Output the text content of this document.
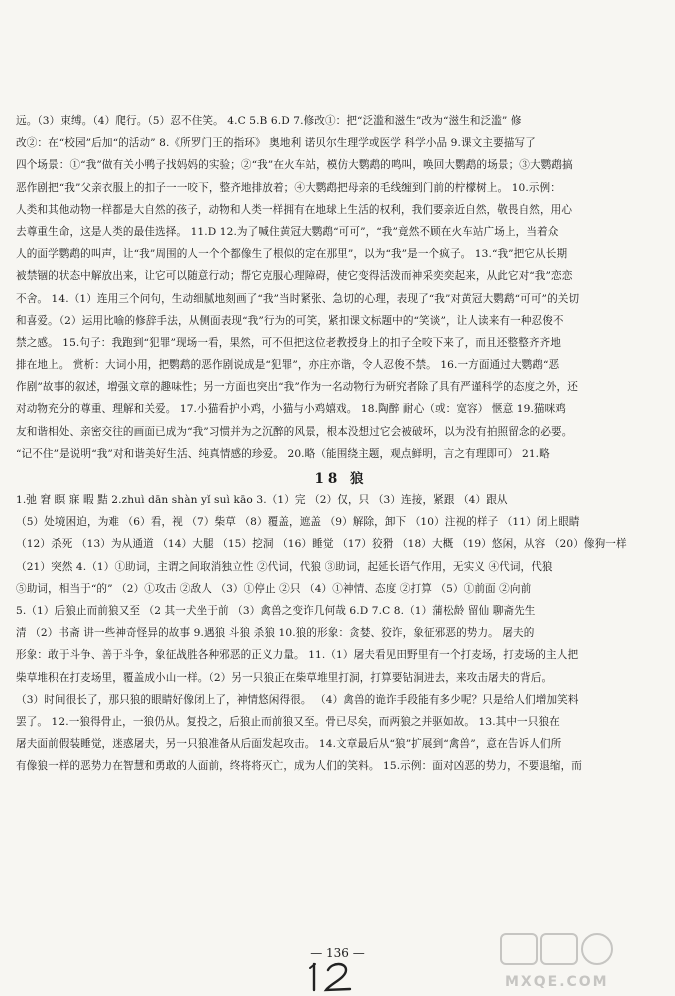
远。（3）束缚。（4）爬行。（5）忍不住笑。 4.C 5.B 6.D 7.修改①：把“泛滥和滋生”改为“滋生和泛滥” 修
改②：在“校园”后加“的活动” 8.《所罗门王的指环》 奥地利 诺贝尔生理学或医学 科学小品 9.课文主要描写了
四个场景：①“我”做有关小鸭子找妈妈的实验；②“我”在火车站，模仿大鹦鹉的鸣叫，唤回大鹦鹉的场景；③大鹦鹉搞
恶作剧把“我”父亲衣服上的扣子一一咬下，整齐地排放着；④大鹦鹉把母亲的毛线缠到门前的柠檬树上。 10.示例：
人类和其他动物一样都是大自然的孩子，动物和人类一样拥有在地球上生活的权利，我们要亲近自然，敬畏自然，用心
去尊重生命，这是人类的最佳选择。 11.D 12.为了喊住黄冠大鹦鹉“可可”，“我”竟然不顾在火车站广场上，当着众
人的面学鹦鹉的叫声，让“我”周围的人一个个都像生了根似的定在那里”，以为“我”是一个疯子。 13.“我”把它从长期
被禁锢的状态中解放出来，让它可以随意行动；帮它克服心理障碍，使它变得活泼而神采奕奕起来，从此它对“我”恋恋
不舍。 14.（1）连用三个问句，生动细腻地刻画了“我”当时紧张、急切的心理，表现了“我”对黄冠大鹦鹉“可可”的关切
和喜爱。（2）运用比喻的修辞手法，从侧面表现“我”行为的可笑，紧扣课文标题中的“笑谈”，让人读来有一种忍俊不
禁之感。 15.句子：我跑到“犯罪”现场一看，果然，可不但把这位老教授身上的扣子全咬下来了，而且还整整齐齐地
排在地上。 赏析：大词小用，把鹦鹉的恶作剧说成是“犯罪”，亦庄亦谐，令人忍俊不禁。 16.一方面通过大鹦鹉“恶
作剧”故事的叙述，增强文章的趣味性；另一方面也突出“我”作为一名动物行为研究者除了具有严谨科学的态度之外，还
对动物充分的尊重、理解和关爱。 17.小猫看护小鸡，小猫与小鸡嬉戏。 18.陶醉 耐心（或：宽容） 惬意 19.猫咪鸡
友和谐相处、亲密交往的画面已成为“我”习惯并为之沉醉的风景，根本没想过它会被破坏，以为没有拍照留念的必要。
“记不住”是说明“我”对和谐美好生活、纯真情感的珍爱。 20.略（能围绕主题，观点鲜明，言之有理即可） 21.略
18 狼
1.弛 窘 瞑 寐 暇 黠 2.zhuì dān shàn yǐ suì kāo 3.（1）完 （2）仅，只 （3）连接，紧跟 （4）跟从
（5）处境困迫，为难 （6）看，视 （7）柴草 （8）覆盖，遮盖 （9）解除，卸下 （10）注视的样子 （11）闭上眼睛
（12）杀死 （13）为从通道 （14）大腿 （15）挖洞 （16）睡觉 （17）狡猾 （18）大概 （19）悠闲，从容 （20）像狗一样
（21）突然 4.（1）①助词，主谓之间取消独立性 ②代词，代狼 ③助词，起延长语气作用，无实义 ④代词，代狼
⑤助词，相当于“的” （2）①攻击 ②敌人 （3）①停止 ②只 （4）①神情、态度 ②打算 （5）①前面 ②向前
5.（1）后狼止而前狼又至 （2 其一犬坐于前 （3）禽兽之变诈几何哉 6.D 7.C 8.（1）蒲松龄 留仙 聊斋先生
清 （2）书斋 讲一些神奇怪异的故事 9.遇狼 斗狼 杀狼 10.狼的形象：贪婪、狡诈，象征邪恶的势力。 屠夫的
形象：敢于斗争、善于斗争，象征战胜各种邪恶的正义力量。 11.（1）屠夫看见田野里有一个打麦场，打麦场的主人把
柴草堆积在打麦场里，覆盖成小山一样。（2）另一只狼正在柴草堆里打洞，打算要钻洞进去，来攻击屠夫的背后。
（3）时间很长了，那只狼的眼睛好像闭上了，神情悠闲得很。 （4）禽兽的诡诈手段能有多少呢？只是给人们增加笑料
罢了。 12.一狼得骨止，一狼仍从。复投之，后狼止而前狼又至。骨已尽矣，而两狼之并驱如故。 13.其中一只狼在
屠夫面前假装睡觉，迷惑屠夫，另一只狼准备从后面发起攻击。 14.文章最后从“狼”扩展到“禽兽”，意在告诉人们所
有像狼一样的恶势力在智慧和勇敢的人面前，终将将灭亡，成为人们的笑料。 15.示例：面对凶恶的势力，不要退缩，而
— 136 —
MXQE.COM
